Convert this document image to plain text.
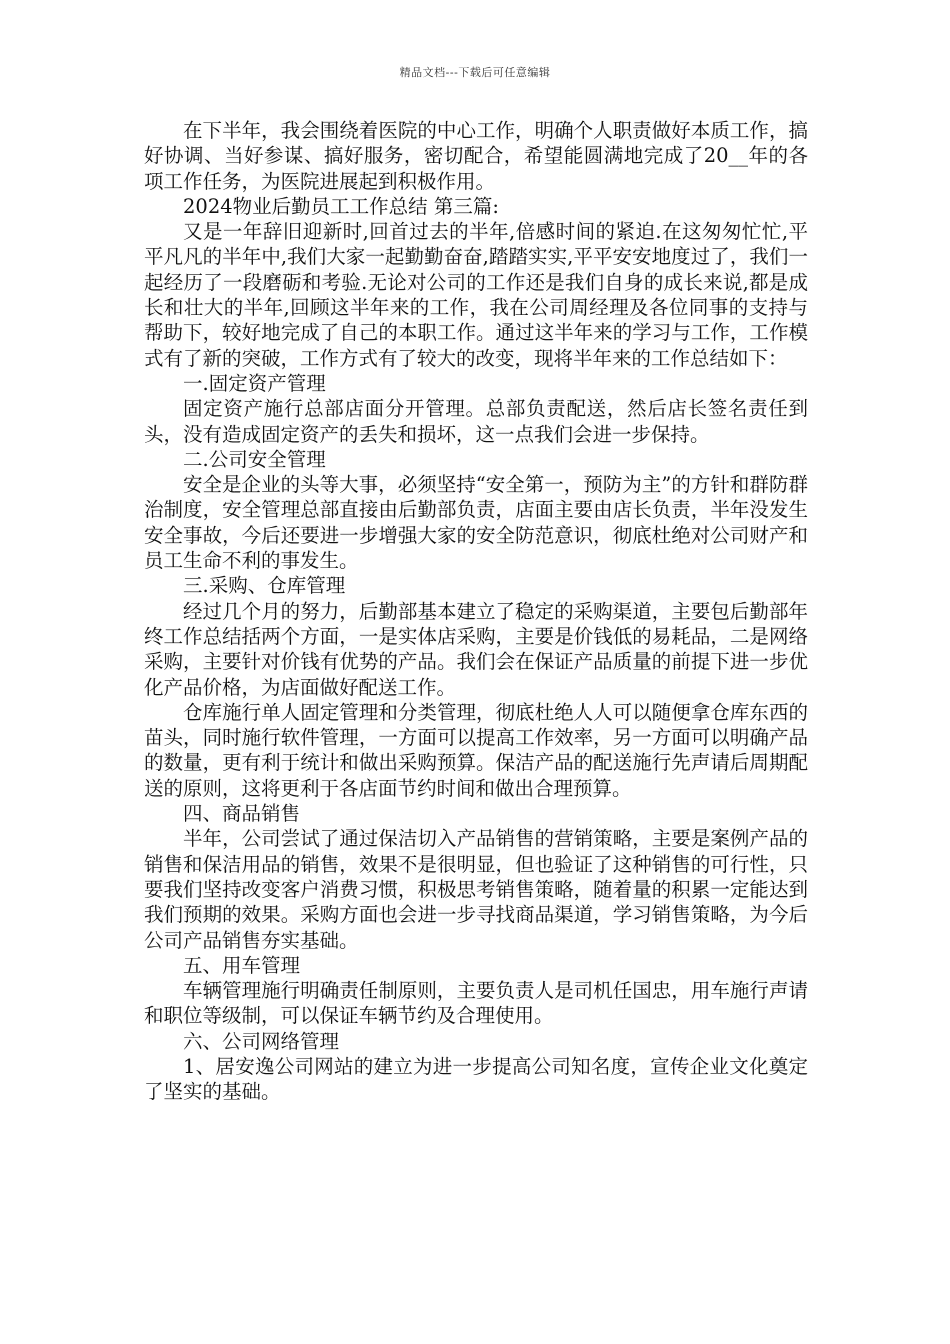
精品文档---下载后可任意编辑

在下半年，我会围绕着医院的中心工作，明确个人职责做好本质工作，搞好协调、当好参谋、搞好服务，密切配合，希望能圆满地完成了20__年的各项工作任务，为医院进展起到积极作用。

2024物业后勤员工工作总结 第三篇:

又是一年辞旧迎新时,回首过去的半年,倍感时间的紧迫.在这匆匆忙忙,平平凡凡的半年中,我们大家一起勤勤奋奋,踏踏实实,平平安安地度过了，我们一起经历了一段磨砺和考验.无论对公司的工作还是我们自身的成长来说,都是成长和壮大的半年,回顾这半年来的工作，我在公司周经理及各位同事的支持与帮助下，较好地完成了自己的本职工作。通过这半年来的学习与工作，工作模式有了新的突破，工作方式有了较大的改变，现将半年来的工作总结如下：

一.固定资产管理

固定资产施行总部店面分开管理。总部负责配送，然后店长签名责任到头，没有造成固定资产的丢失和损坏，这一点我们会进一步保持。

二.公司安全管理

安全是企业的头等大事，必须坚持“安全第一，预防为主”的方针和群防群治制度，安全管理总部直接由后勤部负责，店面主要由店长负责，半年没发生安全事故，今后还要进一步增强大家的安全防范意识，彻底杜绝对公司财产和员工生命不利的事发生。

三.采购、仓库管理

经过几个月的努力，后勤部基本建立了稳定的采购渠道，主要包后勤部年终工作总结括两个方面，一是实体店采购，主要是价钱低的易耗品，二是网络采购，主要针对价钱有优势的产品。我们会在保证产品质量的前提下进一步优化产品价格，为店面做好配送工作。

仓库施行单人固定管理和分类管理，彻底杜绝人人可以随便拿仓库东西的苗头，同时施行软件管理，一方面可以提高工作效率，另一方面可以明确产品的数量，更有利于统计和做出采购预算。保洁产品的配送施行先声请后周期配送的原则，这将更利于各店面节约时间和做出合理预算。

四、商品销售

半年，公司尝试了通过保洁切入产品销售的营销策略，主要是案例产品的销售和保洁用品的销售，效果不是很明显，但也验证了这种销售的可行性，只要我们坚持改变客户消费习惯，积极思考销售策略，随着量的积累一定能达到我们预期的效果。采购方面也会进一步寻找商品渠道，学习销售策略，为今后公司产品销售夯实基础。

五、用车管理

车辆管理施行明确责任制原则，主要负责人是司机任国忠，用车施行声请和职位等级制，可以保证车辆节约及合理使用。

六、公司网络管理

1、居安逸公司网站的建立为进一步提高公司知名度，宣传企业文化奠定了坚实的基础。
